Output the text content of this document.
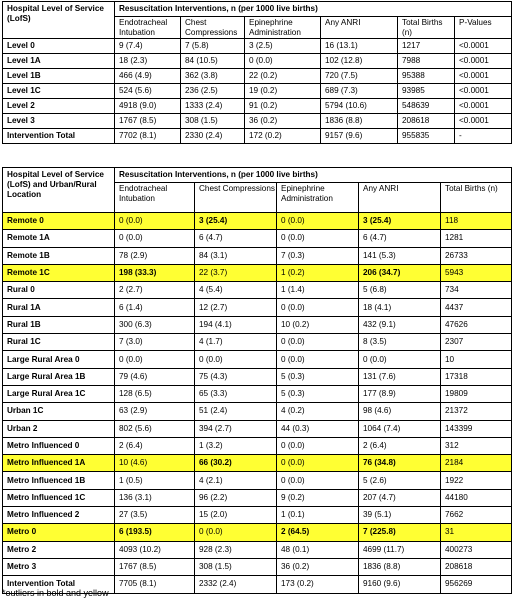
Hospital Level of Service (LofS)	Resuscitation Interventions, n (per 1000 live births)					
	Endotracheal Intubation	Chest Compressions	Epinephrine Administration	Any ANRI	Total Births (n)	P-Values
Level 0	9 (7.4)	7 (5.8)	3 (2.5)	16 (13.1)	1217	<0.0001
Level 1A	18 (2.3)	84 (10.5)	0 (0.0)	102 (12.8)	7988	<0.0001
Level 1B	466 (4.9)	362 (3.8)	22 (0.2)	720 (7.5)	95388	<0.0001
Level 1C	524 (5.6)	236 (2.5)	19 (0.2)	689 (7.3)	93985	<0.0001
Level 2	4918 (9.0)	1333 (2.4)	91 (0.2)	5794 (10.6)	548639	<0.0001
Level 3	1767 (8.5)	308 (1.5)	36 (0.2)	1836 (8.8)	208618	<0.0001
Intervention Total	7702 (8.1)	2330 (2.4)	172 (0.2)	9157 (9.6)	955835	-
Hospital Level of Service (LofS) and Urban/Rural Location	Resuscitation Interventions, n (per 1000 live births)				
	Endotracheal Intubation	Chest Compressions	Epinephrine Administration	Any ANRI	Total Births (n)
Remote 0	0 (0.0)	3 (25.4)	0 (0.0)	3 (25.4)	118
Remote 1A	0 (0.0)	6 (4.7)	0 (0.0)	6 (4.7)	1281
Remote 1B	78 (2.9)	84 (3.1)	7 (0.3)	141 (5.3)	26733
Remote 1C	198 (33.3)	22 (3.7)	1 (0.2)	206 (34.7)	5943
Rural 0	2 (2.7)	4 (5.4)	1 (1.4)	5 (6.8)	734
Rural 1A	6 (1.4)	12 (2.7)	0 (0.0)	18 (4.1)	4437
Rural 1B	300 (6.3)	194 (4.1)	10 (0.2)	432 (9.1)	47626
Rural 1C	7 (3.0)	4 (1.7)	0 (0.0)	8 (3.5)	2307
Large Rural Area 0	0 (0.0)	0 (0.0)	0 (0.0)	0 (0.0)	10
Large Rural Area 1B	79 (4.6)	75 (4.3)	5 (0.3)	131 (7.6)	17318
Large Rural Area 1C	128 (6.5)	65 (3.3)	5 (0.3)	177 (8.9)	19809
Urban 1C	63 (2.9)	51 (2.4)	4 (0.2)	98 (4.6)	21372
Urban 2	802 (5.6)	394 (2.7)	44 (0.3)	1064 (7.4)	143399
Metro Influenced 0	2 (6.4)	1 (3.2)	0 (0.0)	2 (6.4)	312
Metro Influenced 1A	10 (4.6)	66 (30.2)	0 (0.0)	76 (34.8)	2184
Metro Influenced 1B	1 (0.5)	4 (2.1)	0 (0.0)	5 (2.6)	1922
Metro Influenced 1C	136 (3.1)	96 (2.2)	9 (0.2)	207 (4.7)	44180
Metro Influenced 2	27 (3.5)	15 (2.0)	1 (0.1)	39 (5.1)	7662
Metro 0	6 (193.5)	0 (0.0)	2 (64.5)	7 (225.8)	31
Metro 2	4093 (10.2)	928 (2.3)	48 (0.1)	4699 (11.7)	400273
Metro 3	1767 (8.5)	308 (1.5)	36 (0.2)	1836 (8.8)	208618
Intervention Total	7705 (8.1)	2332 (2.4)	173 (0.2)	9160 (9.6)	956269
*outliers in bold and yellow
